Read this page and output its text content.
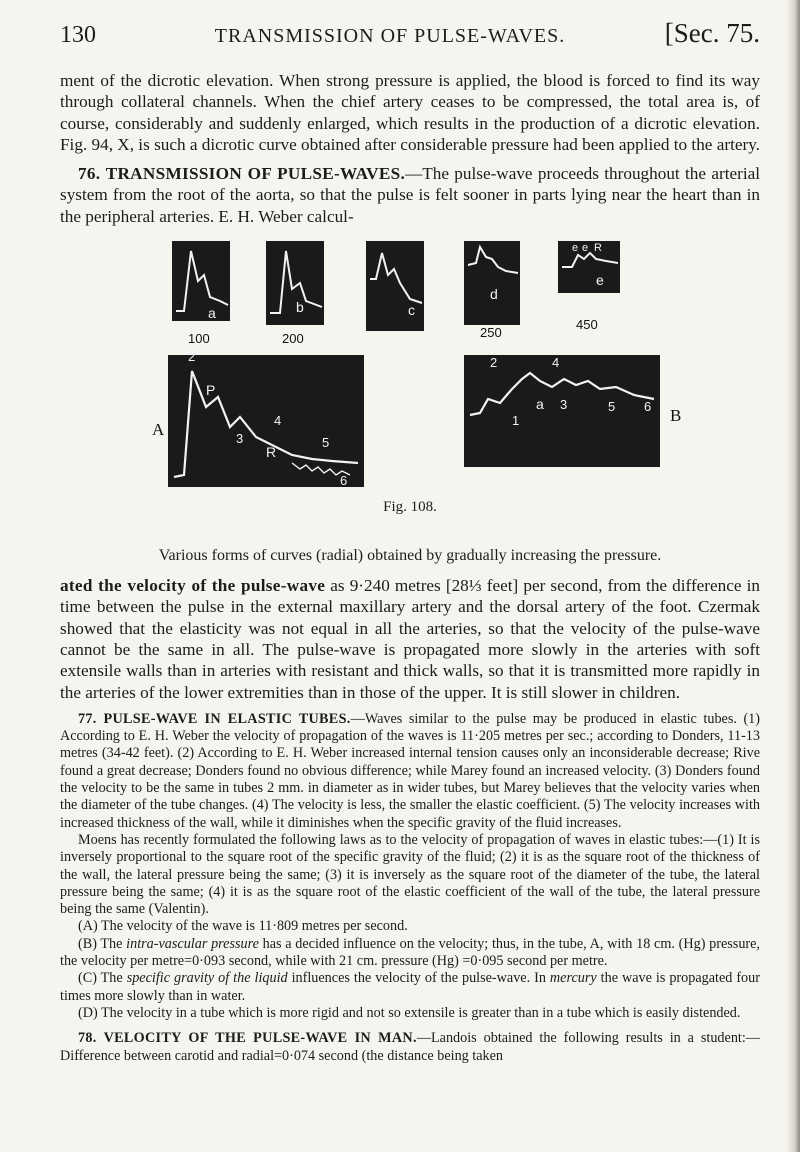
130	TRANSMISSION OF PULSE-WAVES.	[Sec. 75.

ment of the dicrotic elevation. When strong pressure is applied, the blood is forced to find its way through collateral channels. When the chief artery ceases to be compressed, the total area is, of course, considerably and suddenly enlarged, which results in the production of a dicrotic elevation. Fig. 94, X, is such a dicrotic curve obtained after considerable pressure had been applied to the artery.

76. TRANSMISSION OF PULSE-WAVES.—The pulse-wave proceeds throughout the arterial system from the root of the aorta, so that the pulse is felt sooner in parts lying near the heart than in the peripheral arteries. E. H. Weber calcul-

a	b	c
d
e
e e R
100	200	250
450
2
P
3
R
4
5
6
A
2	4
1
a 3	5 6 B
Fig. 108.
Various forms of curves (radial) obtained by gradually increasing the pressure.

ated the velocity of the pulse-wave as 9·240 metres [28⅓ feet] per second, from the difference in time between the pulse in the external maxillary artery and the dorsal artery of the foot. Czermak showed that the elasticity was not equal in all the arteries, so that the velocity of the pulse-wave cannot be the same in all. The pulse-wave is propagated more slowly in the arteries with soft extensile walls than in arteries with resistant and thick walls, so that it is transmitted more rapidly in the arteries of the lower extremities than in those of the upper. It is still slower in children.

77. PULSE-WAVE IN ELASTIC TUBES.—Waves similar to the pulse may be produced in elastic tubes. (1) According to E. H. Weber the velocity of propagation of the waves is 11·205 metres per sec.; according to Donders, 11-13 metres (34-42 feet). (2) According to E. H. Weber increased internal tension causes only an inconsiderable decrease; Rive found a great decrease; Donders found no obvious difference; while Marey found an increased velocity. (3) Donders found the velocity to be the same in tubes 2 mm. in diameter as in wider tubes, but Marey believes that the velocity varies when the diameter of the tube changes. (4) The velocity is less, the smaller the elastic coefficient. (5) The velocity increases with increased thickness of the wall, while it diminishes when the specific gravity of the fluid increases.

Moens has recently formulated the following laws as to the velocity of propagation of waves in elastic tubes:—(1) It is inversely proportional to the square root of the specific gravity of the fluid; (2) it is as the square root of the thickness of the wall, the lateral pressure being the same; (3) it is inversely as the square root of the diameter of the tube, the lateral pressure being the same; (4) it is as the square root of the elastic coefficient of the wall of the tube, the lateral pressure being the same (Valentin).

(A) The velocity of the wave is 11·809 metres per second.

(B) The intra-vascular pressure has a decided influence on the velocity; thus, in the tube, A, with 18 cm. (Hg) pressure, the velocity per metre=0·093 second, while with 21 cm. pressure (Hg) =0·095 second per metre.

(C) The specific gravity of the liquid influences the velocity of the pulse-wave. In mercury the wave is propagated four times more slowly than in water.

(D) The velocity in a tube which is more rigid and not so extensile is greater than in a tube which is easily distended.

78. VELOCITY OF THE PULSE-WAVE IN MAN.—Landois obtained the following results in a student:—Difference between carotid and radial=0·074 second (the distance being taken
